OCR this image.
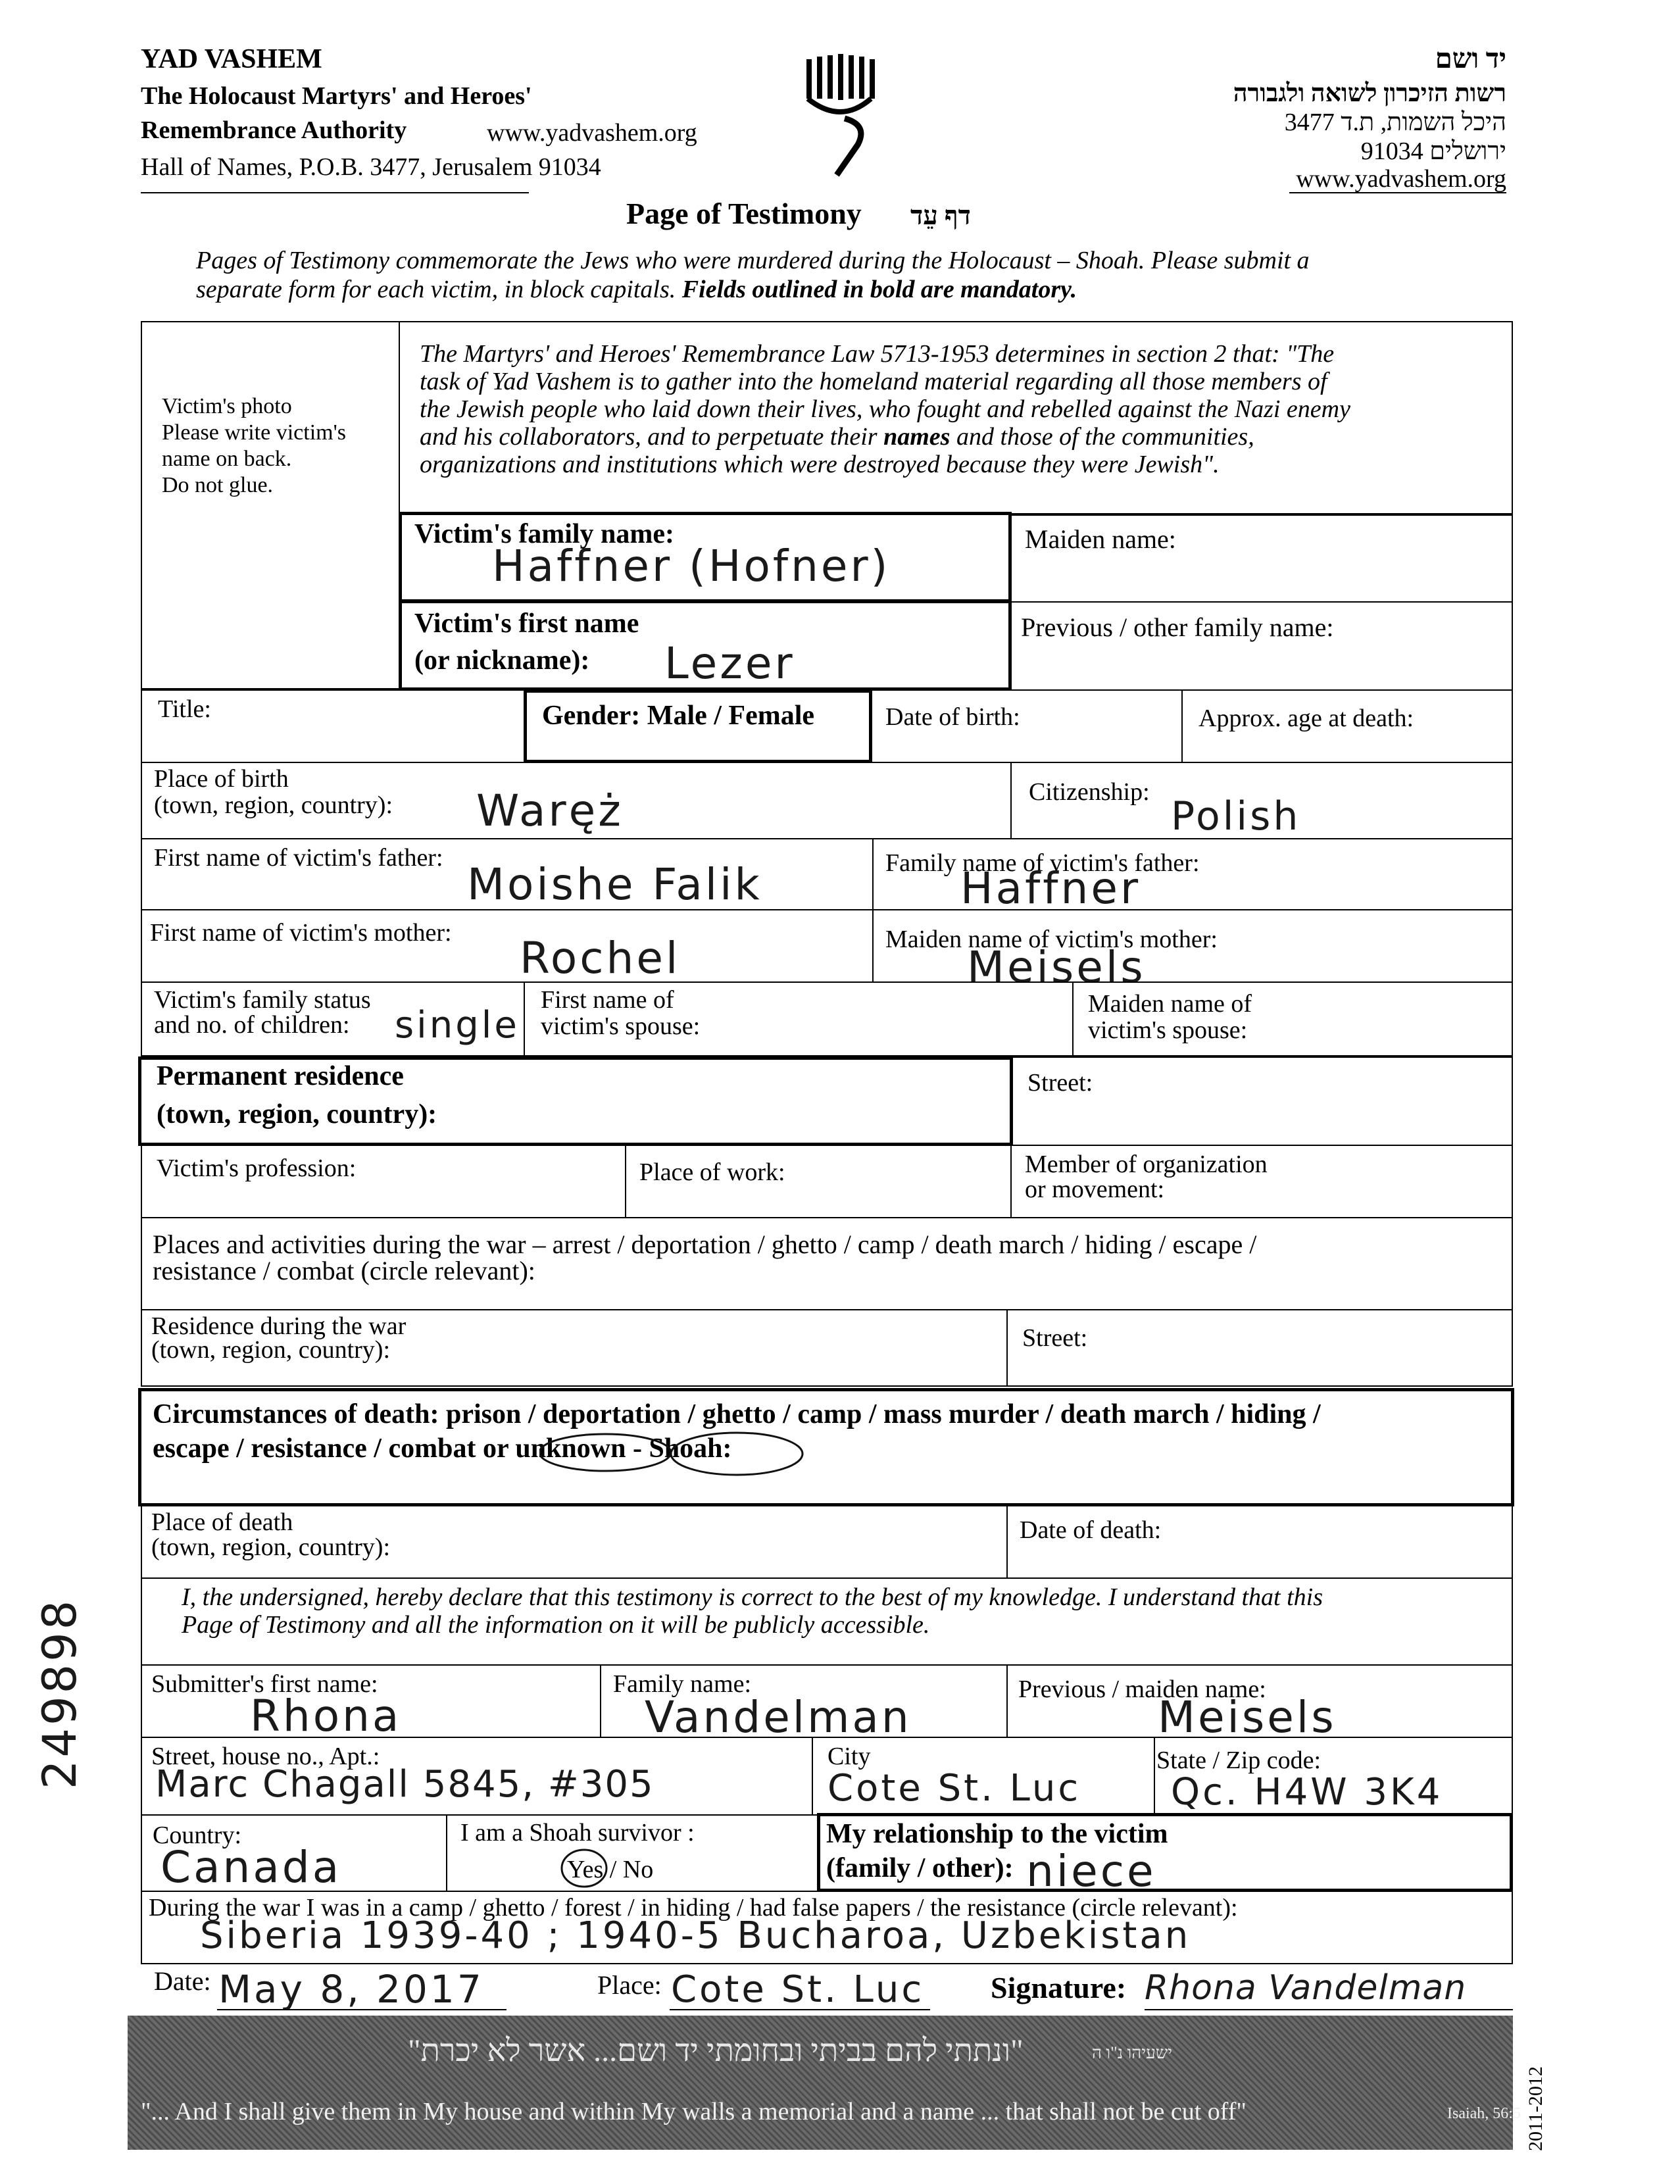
YAD VASHEM
The Holocaust Martyrs' and Heroes'
Remembrance Authority	www.yadvashem.org
Hall of Names, P.O.B. 3477, Jerusalem 91034
יד ושם
רשות הזיכרון לשואה ולגבורה
היכל השמות, ת.ד 3477
ירושלים 91034
www.yadvashem.org
Page of Testimony דף עֵד
Pages of Testimony commemorate the Jews who were murdered during the Holocaust – Shoah. Please submit a
separate form for each victim, in block capitals. Fields outlined in bold are mandatory.
Victim's photo
Please write victim's
name on back.
Do not glue.
The Martyrs' and Heroes' Remembrance Law 5713-1953 determines in section 2 that: "The
task of Yad Vashem is to gather into the homeland material regarding all those members of
the Jewish people who laid down their lives, who fought and rebelled against the Nazi enemy
and his collaborators, and to perpetuate their names and those of the communities,
organizations and institutions which were destroyed because they were Jewish".
Victim's family name:
Haffner (Hofner)
Maiden name:
Victim's first name
(or nickname): Lezer
Previous / other family name:
Title:	Gender: Male / Female	Date of birth:	Approx. age at death:
Place of birth
(town, region, country): Waręż	Citizenship:
Polish
First name of victim's father:
Moishe Falik	Family name of victim's father:
Haffner
First name of victim's mother: Rochel	Maiden name of victim's mother:
Meisels
Victim's family status
and no. of children: single
First name of
victim's spouse:
Maiden name of
victim's spouse:
Permanent residence
(town, region, country):
Street:
Victim's profession:	Place of work:	Member of organization
or movement:
Places and activities during the war – arrest / deportation / ghetto / camp / death march / hiding / escape /
resistance / combat (circle relevant):
Residence during the war
(town, region, country):	Street:
Circumstances of death: prison / deportation / ghetto / camp / mass murder / death march / hiding /
escape / resistance / combat or unknown - Shoah:
Place of death
(town, region, country):
Date of death:
I, the undersigned, hereby declare that this testimony is correct to the best of my knowledge. I understand that this
Page of Testimony and all the information on it will be publicly accessible.
Submitter's first name:
Rhona
Family name:
Vandelman
Previous / maiden name:
Meisels
Street, house no., Apt.:
Marc Chagall 5845, #305
City
Cote St. Luc
State / Zip code:
Qc. H4W 3K4
Country:
Canada
I am a Shoah survivor :
Yes / No
My relationship to the victim
(family / other): niece
During the war I was in a camp / ghetto / forest / in hiding / had false papers / the resistance (circle relevant):
Siberia 1939-40 ; 1940-5 Bucharoa, Uzbekistan
Date: May 8, 2017	Place: Cote St. Luc Signature: Rhona Vandelman
249898
"ונתתי להם בביתי ובחומתי יד ושם... אשר לא יכרת"	ישעיהו נ"ו ה
"... And I shall give them in My house and within My walls a memorial and a name ... that shall not be cut off"	Isaiah, 56:5 2011-2012
